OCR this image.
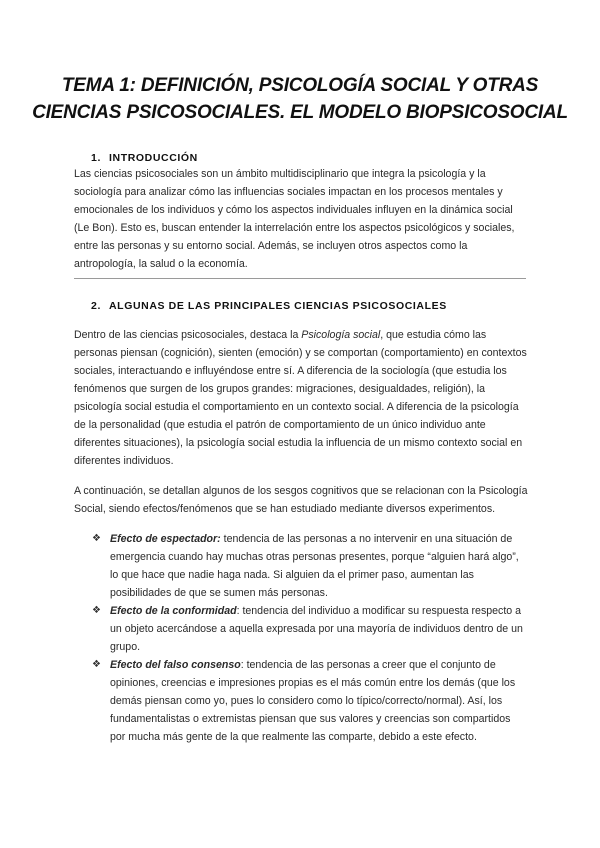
TEMA 1: DEFINICIÓN, PSICOLOGÍA SOCIAL Y OTRAS
CIENCIAS PSICOSOCIALES. EL MODELO BIOPSICOSOCIAL
1. INTRODUCCIÓN

Las ciencias psicosociales son un ámbito multidisciplinario que integra la psicología y la sociología para analizar cómo las influencias sociales impactan en los procesos mentales y emocionales de los individuos y cómo los aspectos individuales influyen en la dinámica social (Le Bon). Esto es, buscan entender la interrelación entre los aspectos psicológicos y sociales, entre las personas y su entorno social. Además, se incluyen otros aspectos como la antropología, la salud o la economía.

2. ALGUNAS DE LAS PRINCIPALES CIENCIAS PSICOSOCIALES

Dentro de las ciencias psicosociales, destaca la Psicología social, que estudia cómo las personas piensan (cognición), sienten (emoción) y se comportan (comportamiento) en contextos sociales, interactuando e influyéndose entre sí. A diferencia de la sociología (que estudia los fenómenos que surgen de los grupos grandes: migraciones, desigualdades, religión), la psicología social estudia el comportamiento en un contexto social. A diferencia de la psicología de la personalidad (que estudia el patrón de comportamiento de un único individuo ante diferentes situaciones), la psicología social estudia la influencia de un mismo contexto social en diferentes individuos.

A continuación, se detallan algunos de los sesgos cognitivos que se relacionan con la Psicología Social, siendo efectos/fenómenos que se han estudiado mediante diversos experimentos.

❖ Efecto de espectador: tendencia de las personas a no intervenir en una situación de emergencia cuando hay muchas otras personas presentes, porque “alguien hará algo”, lo que hace que nadie haga nada. Si alguien da el primer paso, aumentan las posibilidades de que se sumen más personas.

❖ Efecto de la conformidad: tendencia del individuo a modificar su respuesta respecto a un objeto acercándose a aquella expresada por una mayoría de individuos dentro de un grupo.

❖ Efecto del falso consenso: tendencia de las personas a creer que el conjunto de opiniones, creencias e impresiones propias es el más común entre los demás (que los demás piensan como yo, pues lo considero como lo típico/correcto/normal). Así, los fundamentalistas o extremistas piensan que sus valores y creencias son compartidos por mucha más gente de la que realmente las comparte, debido a este efecto.
